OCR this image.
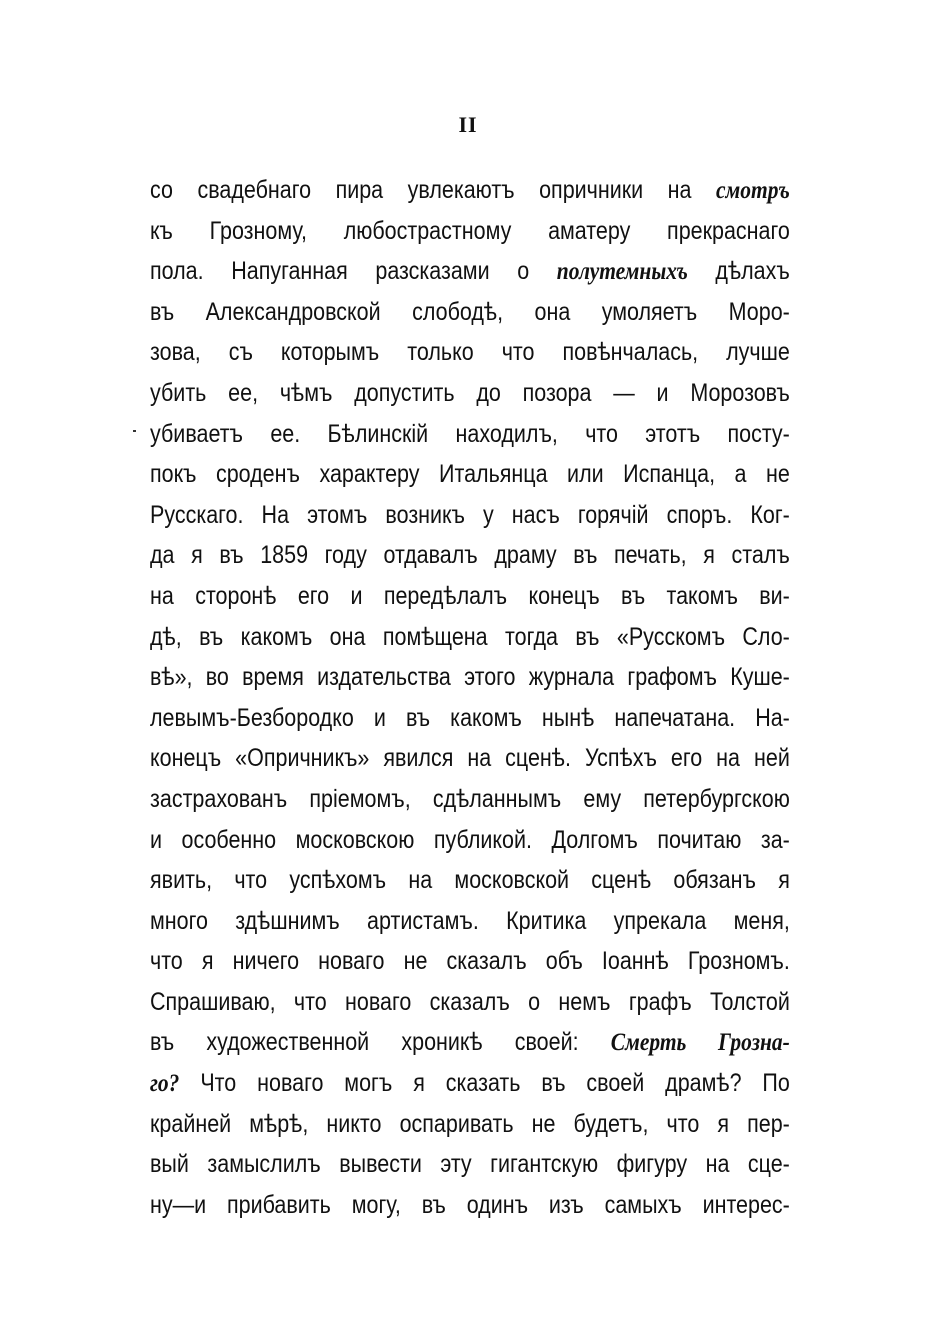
II
со свадебнаго пира увлекаютъ опричники на смотръ
къ Грозному, любострастному аматеру прекраснаго
пола. Напуганная разсказами о полутемныхъ дѣлахъ
въ Александровской слободѣ, она умоляетъ Моро-
зова, съ которымъ только что повѣнчалась, лучше
убить ее, чѣмъ допустить до позора — и Морозовъ
убиваетъ ее. Бѣлинскій находилъ, что этотъ посту-
покъ сроденъ характеру Итальянца или Испанца, а не
Русскаго. На этомъ возникъ у насъ горячій споръ. Ког-
да я въ 1859 году отдавалъ драму въ печать, я сталъ
на сторонѣ его и передѣлалъ конецъ въ такомъ ви-
дѣ, въ какомъ она помѣщена тогда въ «Русскомъ Сло-
вѣ», во время издательства этого журнала графомъ Куше-
левымъ-Безбородко и въ какомъ нынѣ напечатана. На-
конецъ «Опричникъ» явился на сценѣ. Успѣхъ его на ней
застрахованъ пріемомъ, сдѣланнымъ ему петербургскою
и особенно московскою публикой. Долгомъ почитаю за-
явить, что успѣхомъ на московской сценѣ обязанъ я
много здѣшнимъ артистамъ. Критика упрекала меня,
что я ничего новаго не сказалъ объ Іоаннѣ Грозномъ.
Спрашиваю, что новаго сказалъ о немъ графъ Толстой
въ художественной хроникѣ своей: Смерть Грозна-
го? Что новаго могъ я сказать въ своей драмѣ? По
крайней мѣрѣ, никто оспаривать не будетъ, что я пер-
вый замыслилъ вывести эту гигантскую фигуру на сце-
ну—и прибавить могу, въ одинъ изъ самыхъ интерес-
